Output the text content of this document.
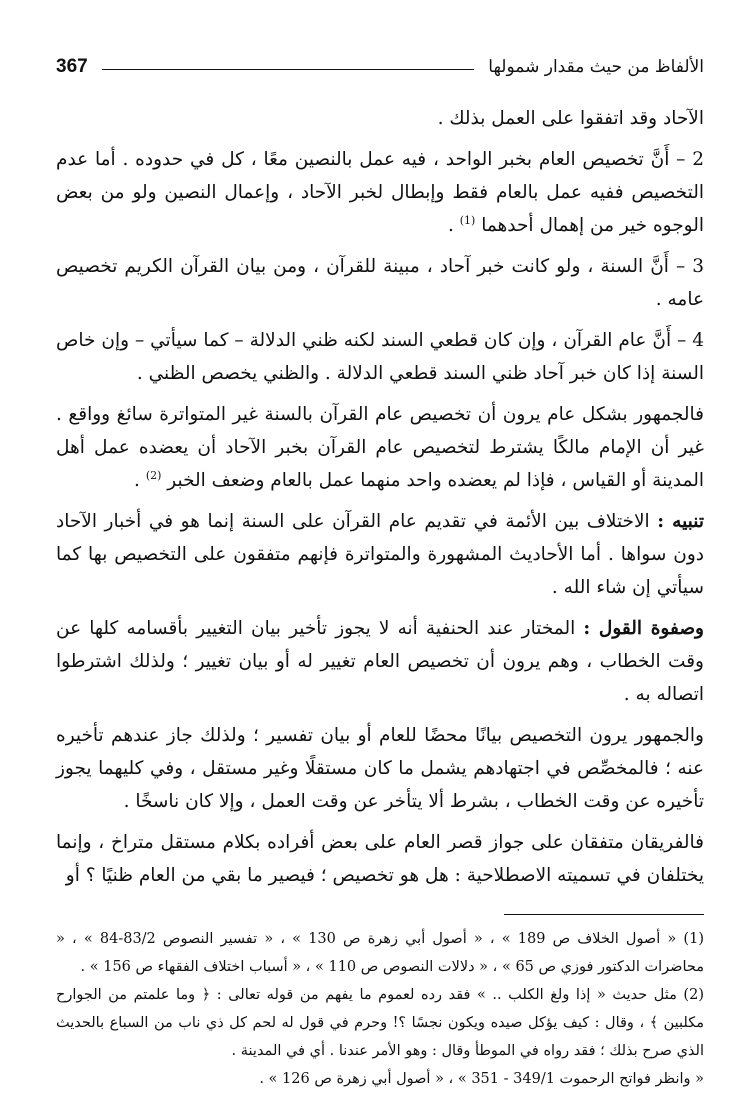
الألفاظ من حيث مقدار شمولها
367

الآحاد وقد اتفقوا على العمل بذلك .

2 – أَنَّ تخصيص العام بخبر الواحد ، فيه عمل بالنصين معًا ، كل في حدوده . أما عدم التخصيص ففيه عمل بالعام فقط وإبطال لخبر الآحاد ، وإعمال النصين ولو من بعض الوجوه خير من إهمال أحدهما $^{(1)}$ .

3 – أَنَّ السنة ، ولو كانت خبر آحاد ، مبينة للقرآن ، ومن بيان القرآن الكريم تخصيص عامه .

4 – أَنَّ عام القرآن ، وإن كان قطعي السند لكنه ظني الدلالة – كما سيأتي – وإن خاص السنة إذا كان خبر آحاد ظني السند قطعي الدلالة . والظني يخصص الظني .

فالجمهور بشكل عام يرون أن تخصيص عام القرآن بالسنة غير المتواترة سائغ وواقع . غير أن الإمام مالكًا يشترط لتخصيص عام القرآن بخبر الآحاد أن يعضده عمل أهل المدينة أو القياس ، فإذا لم يعضده واحد منهما عمل بالعام وضعف الخبر $^{(2)}$ .

تنبيه : الاختلاف بين الأئمة في تقديم عام القرآن على السنة إنما هو في أخبار الآحاد دون سواها . أما الأحاديث المشهورة والمتواترة فإنهم متفقون على التخصيص بها كما سيأتي إن شاء الله .

وصفوة القول : المختار عند الحنفية أنه لا يجوز تأخير بيان التغيير بأقسامه كلها عن وقت الخطاب ، وهم يرون أن تخصيص العام تغيير له أو بيان تغيير ؛ ولذلك اشترطوا اتصاله به .

والجمهور يرون التخصيص بيانًا محضًا للعام أو بيان تفسير ؛ ولذلك جاز عندهم تأخيره عنه ؛ فالمخصِّص في اجتهادهم يشمل ما كان مستقلًا وغير مستقل ، وفي كليهما يجوز تأخيره عن وقت الخطاب ، بشرط ألا يتأخر عن وقت العمل ، وإلا كان ناسخًا .

فالفريقان متفقان على جواز قصر العام على بعض أفراده بكلام مستقل متراخ ، وإنما يختلفان في تسميته الاصطلاحية : هل هو تخصيص ؛ فيصير ما بقي من العام ظنيًا ؟ أو

(1) « أصول الخلاف ص 189 » ، « أصول أبي زهرة ص 130 » ، « تفسير النصوص 83/2-84 » ، « محاضرات الدكتور فوزي ص 65 » ، « دلالات النصوص ص 110 » ، « أسباب اختلاف الفقهاء ص 156 » .

(2) مثل حديث « إذا ولغ الكلب .. » فقد رده لعموم ما يفهم من قوله تعالى : ﴿ وما علمتم من الجوارح مكلبين ﴾ ، وقال : كيف يؤكل صيده ويكون نجسًا ؟! وحرم في قول له لحم كل ذي ناب من السباع بالحديث الذي صرح بذلك ؛ فقد رواه في الموطأ وقال : وهو الأمر عندنا . أي في المدينة .

« وانظر فواتح الرحموت 349/1 - 351 » ، « أصول أبي زهرة ص 126 » .
